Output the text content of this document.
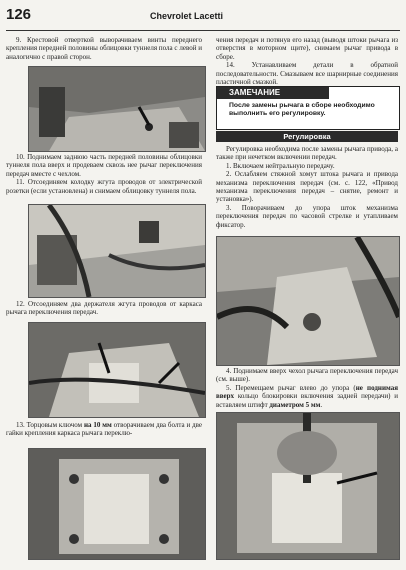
126	Chevrolet Lacetti

9. Крестовой отверткой выворачиваем винты переднего крепления передней половины облицовки туннеля пола с левой и аналогично с правой сторон.

10. Поднимаем заднюю часть передней половины облицовки туннеля пола вверх и продеваем сквозь нее рычаг переключения передач вместе с чехлом.

11. Отсоединяем колодку жгута проводов от электрической розетки (если установлена) и снимаем облицовку туннеля пола.

12. Отсоединяем два держателя жгута проводов от каркаса рычага переключения передач.

13. Торцовым ключом на 10 мм отворачиваем два болта и две гайки крепления каркаса рычага переклю-

чения передач и потянув его назад (выводя штоки рычага из отверстия в моторном щите), снимаем рычаг привода в сборе.

14. Устанавливаем детали в обратной последовательности. Смазываем все шарнирные соединения пластичной смазкой.

ЗАМЕЧАНИЕ
После замены рычага в сборе необходимо выполнить его регулировку.
Регулировка

Регулировка необходима после замены рычага привода, а также при нечетком включении передач.

1. Включаем нейтральную передачу.

2. Ослабляем стяжной хомут штока рычага и привода механизма переключения передач (см. с. 122, «Привод механизма переключения передач – снятие, ремонт и установка»).

3. Поворачиваем до упора шток механизма переключения передач по часовой стрелке и утапливаем фиксатор.

4. Поднимаем вверх чехол рычага переключения передач (см. выше).

5. Перемещаем рычаг влево до упора (не поднимая вверх кольцо блокировки включения задней передачи) и вставляем штифт диаметром 5 мм.
